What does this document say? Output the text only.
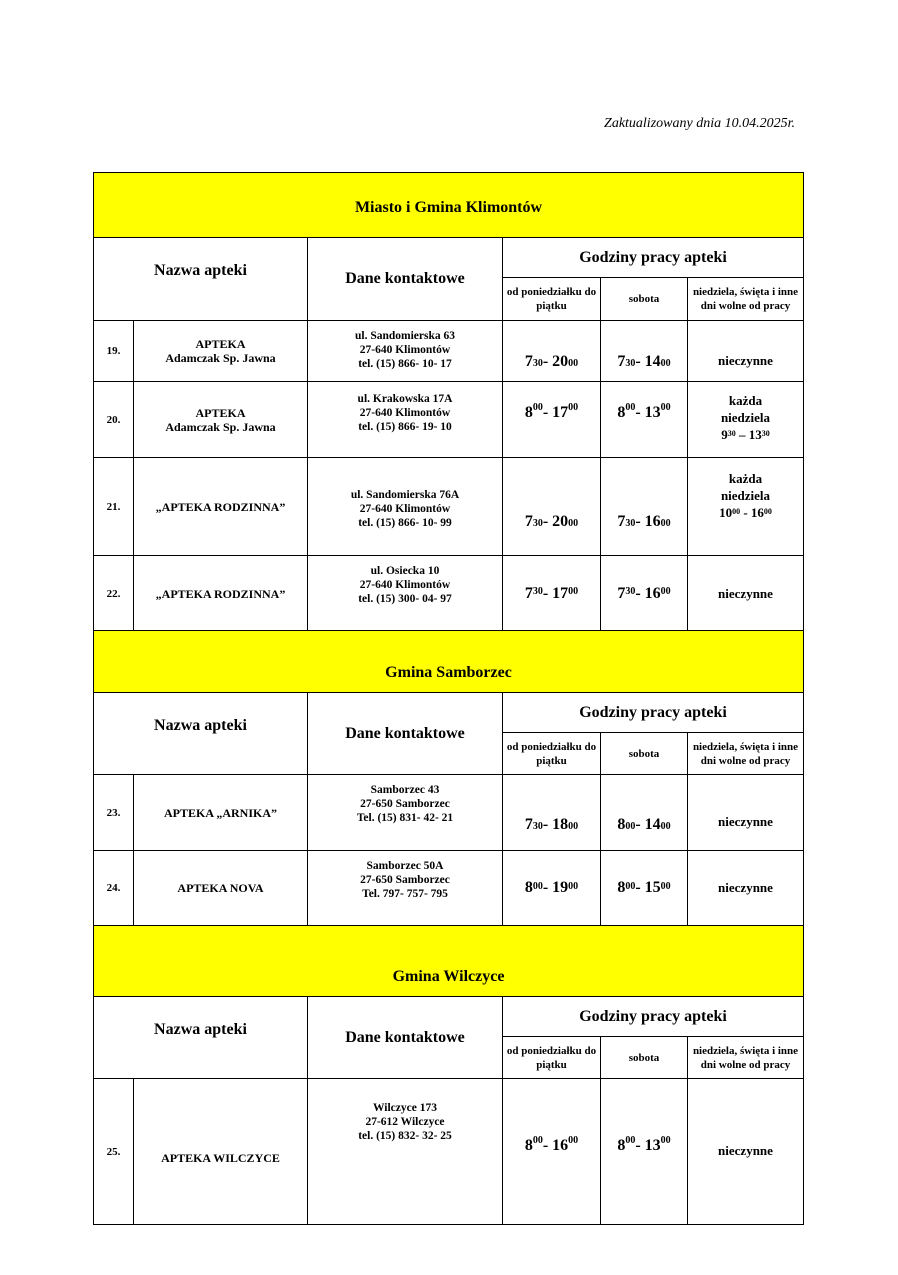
Zaktualizowany dnia 10.04.2025r.
Miasto i Gmina Klimontów
Nazwa apteki	Dane kontaktowe
Godziny pracy apteki
od poniedziałku do piątku
sobota
niedziela, święta i inne dni wolne od pracy
19.	APTEKA
Adamczak Sp. Jawna
ul. Sandomierska 63
27-640 Klimontów
tel. (15) 866- 10- 17	$7^{30} - 20^{00}$	$7^{30} - 14^{00}$	nieczynne
20.	APTEKA
Adamczak Sp. Jawna
ul. Krakowska 17A
27-640 Klimontów
tel. (15) 866- 19- 10
$8^{00} - 17^{00}$	$8^{00} - 13^{00}$	każda
niedziela
$9^{30} - 13^{30}$
21.	„APTEKA RODZINNA”
ul. Sandomierska 76A
27-640 Klimontów
tel. (15) 866- 10- 99	$7^{30} - 20^{00}$	$7^{30} - 16^{00}$
każda
niedziela
$10^{00} - 16^{00}$
22.	„APTEKA RODZINNA”
ul. Osiecka 10
27-640 Klimontów
tel. (15) 300- 04- 97	$7^{30} - 17^{00}$	$7^{30} - 16^{00}$	nieczynne
Gmina Samborzec
Nazwa apteki	Dane kontaktowe
Godziny pracy apteki
od poniedziałku do piątku
sobota
niedziela, święta i inne dni wolne od pracy
23.	APTEKA „ARNIKA”
Samborzec 43
27-650 Samborzec
Tel. (15) 831- 42- 21	$7^{30} - 18^{00}$	$8^{00} - 14^{00}$	nieczynne
24.	APTEKA NOVA
Samborzec 50A
27-650 Samborzec
Tel. 797- 757- 795	$8^{00} - 19^{00}$	$8^{00} - 15^{00}$	nieczynne
Gmina Wilczyce
Nazwa apteki	Dane kontaktowe
Godziny pracy apteki
od poniedziałku do piątku
sobota
niedziela, święta i inne dni wolne od pracy
25.	APTEKA WILCZYCE
Wilczyce 173
27-612 Wilczyce
tel. (15) 832- 32- 25
$8^{00} - 16^{00}$	$8^{00} - 13^{00}$
nieczynne
